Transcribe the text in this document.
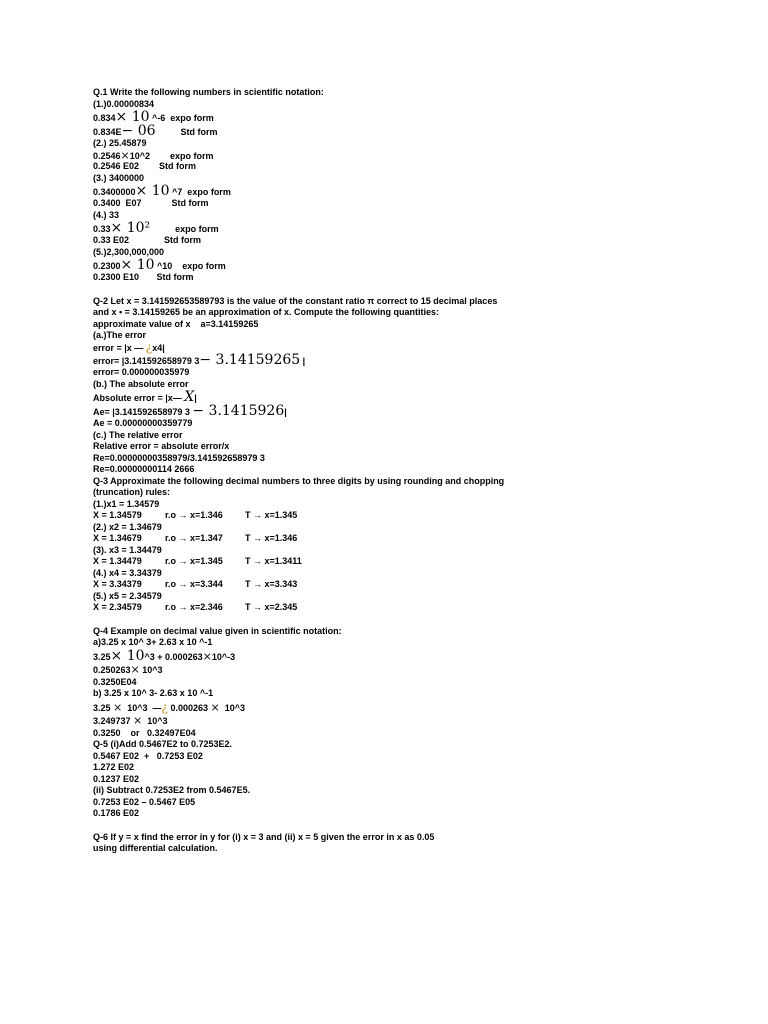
Q.1 Write the following numbers in scientific notation:
(1.)0.00000834
0.834× 10 ^-6  expo form
0.834E− 06          Std form
(2.) 25.45879
0.2546×10^2        expo form
0.2546 E02        Std form
(3.) 3400000
0.3400000× 10 ^7  expo form
0.3400  E07            Std form
(4.) 33
0.33× 10²          expo form
0.33 E02              Std form
(5.)2,300,000,000
0.2300× 10 ^10    expo form
0.2300 E10       Std form
Q-2 Let x = 3.141592653589793 is the value of the constant ratio π correct to 15 decimal places
and x • = 3.14159265 be an approximation of x. Compute the following quantities:
approximate value of x    a=3.14159265
(a.)The error
error = |x — ¿x4|
error= |3.141592658979 3− 3.14159265 |
error= 0.000000035979
(b.) The absolute error
Absolute error = |x— X|
Ae= |3.141592658979 3 − 3.1415926|
Ae = 0.00000000359779
(c.) The relative error
Relative error = absolute error/x
Re=0.00000000358979/3.141592658979 3
Re=0.00000000114 2666
Q-3 Approximate the following decimal numbers to three digits by using rounding and chopping
(truncation) rules:
(1.)x1 = 1.34579
X = 1.34579	r.o → x=1.346 T → x=1.345
(2.) x2 = 1.34679
X = 1.34679	r.o → x=1.347 T → x=1.346
(3). x3 = 1.34479
X = 1.34479	r.o → x=1.345 T → x=1.3411
(4.) x4 = 3.34379
X = 3.34379	r.o → x=3.344 T → x=3.343
(5.) x5 = 2.34579
X = 2.34579	r.o → x=2.346 T → x=2.345
Q-4 Example on decimal value given in scientific notation:
a)3.25 x 10^ 3+ 2.63 x 10 ^-1
3.25× 10^3 + 0.000263×10^-3
0.250263× 10^3
0.3250E04
b) 3.25 x 10^ 3- 2.63 x 10 ^-1
3.25 ×  10^3  —¿ 0.000263 ×  10^3
3.249737 ×  10^3
0.3250    or   0.32497E04
Q-5 (i)Add 0.5467E2 to 0.7253E2.
0.5467 E02  +   0.7253 E02
1.272 E02
0.1237 E02
(ii) Subtract 0.7253E2 from 0.5467E5.
0.7253 E02 – 0.5467 E05
0.1786 E02
Q-6 If y = x find the error in y for (i) x = 3 and (ii) x = 5 given the error in x as 0.05
using differential calculation.
